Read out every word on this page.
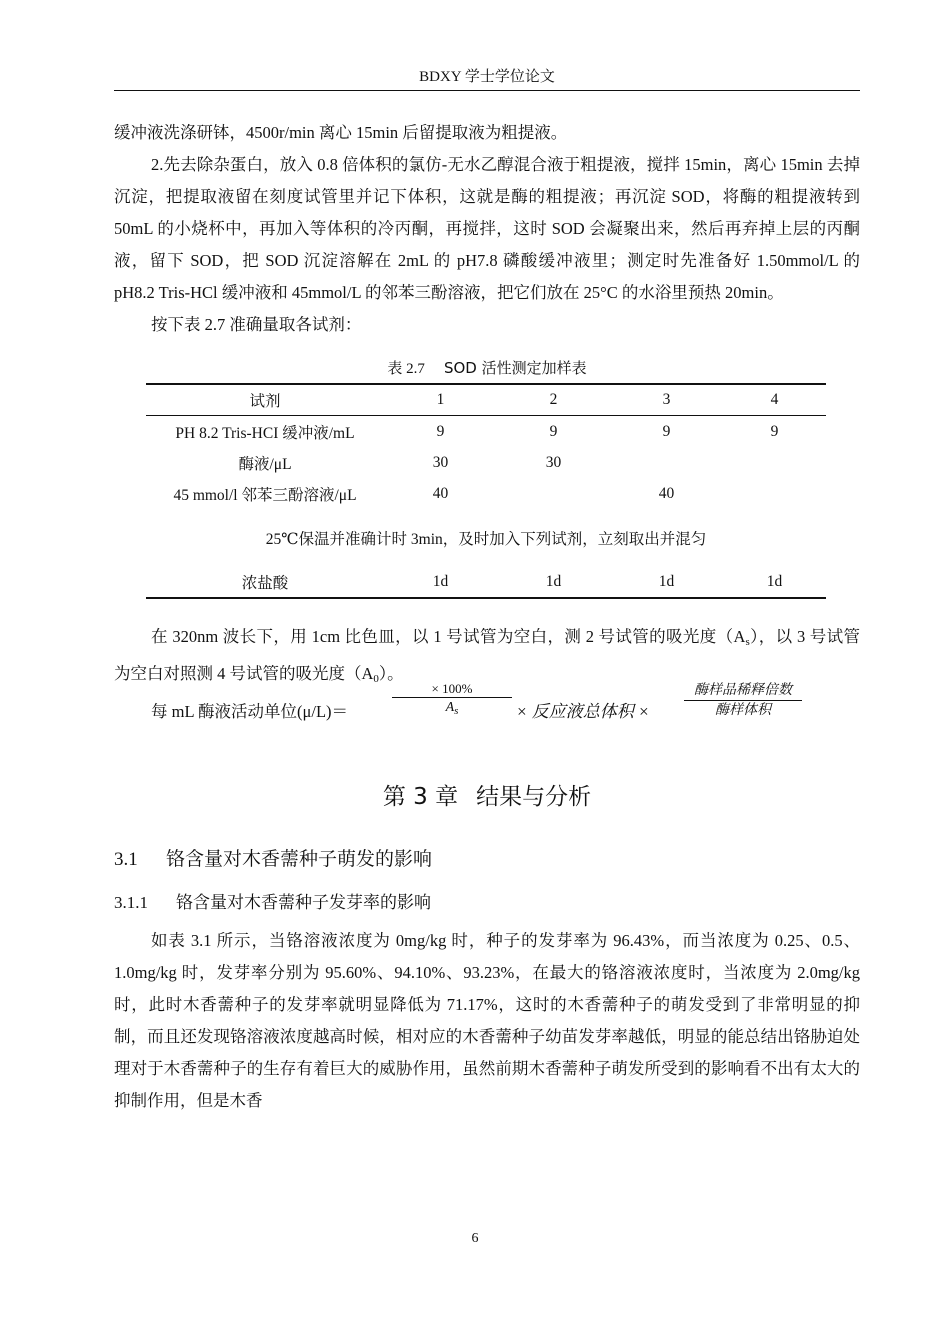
BDXY 学士学位论文

缓冲液洗涤研钵，4500r/min 离心 15min 后留提取液为粗提液。

2.先去除杂蛋白，放入 0.8 倍体积的氯仿-无水乙醇混合液于粗提液，搅拌 15min，离心 15min 去掉沉淀，把提取液留在刻度试管里并记下体积，这就是酶的粗提液；再沉淀 SOD，将酶的粗提液转到 50mL 的小烧杯中，再加入等体积的冷丙酮，再搅拌，这时 SOD 会凝聚出来，然后再弃掉上层的丙酮液，留下 SOD，把 SOD 沉淀溶解在 2mL 的 pH7.8 磷酸缓冲液里；测定时先准备好 1.50mmol/L 的 pH8.2 Tris-HCl 缓冲液和 45mmol/L 的邻苯三酚溶液，把它们放在 25°C 的水浴里预热 20min。

按下表 2.7 准确量取各试剂：

表 2.7 SOD 活性测定加样表
试剂	1	2	3	4
PH 8.2 Tris-HCI 缓冲液/mL	9	9	9	9
酶液/μL	30	30		
45 mmol/l 邻苯三酚溶液/μL	40		40	
25℃保温并准确计时 3min，及时加入下列试剂，立刻取出并混匀				
浓盐酸	1d	1d	1d	1d

在 320nm 波长下，用 1cm 比色皿，以 1 号试管为空白，测 2 号试管的吸光度$(A_s)$，以 3 号试管为空白对照测 4 号试管的吸光度$(A_0)$。

每 mL 酶液活动单位(μ/L)＝	$\frac{\times 100\%}{A_s}$ × 反应液总体积 ×
酶样品稀释倍数
酶样体积
第 3 章 结果与分析
3.1 铬含量对木香薷种子萌发的影响
3.1.1 铬含量对木香薷种子发芽率的影响

如表 3.1 所示，当铬溶液浓度为 0mg/kg 时，种子的发芽率为 96.43%，而当浓度为 0.25、0.5、1.0mg/kg 时，发芽率分别为 95.60%、94.10%、93.23%，在最大的铬溶液浓度时，当浓度为 2.0mg/kg 时，此时木香薷种子的发芽率就明显降低为 71.17%，这时的木香薷种子的萌发受到了非常明显的抑制，而且还发现铬溶液浓度越高时候，相对应的木香薷种子幼苗发芽率越低，明显的能总结出铬胁迫处理对于木香薷种子的生存有着巨大的威胁作用，虽然前期木香薷种子萌发所受到的影响看不出有太大的抑制作用，但是木香

6
